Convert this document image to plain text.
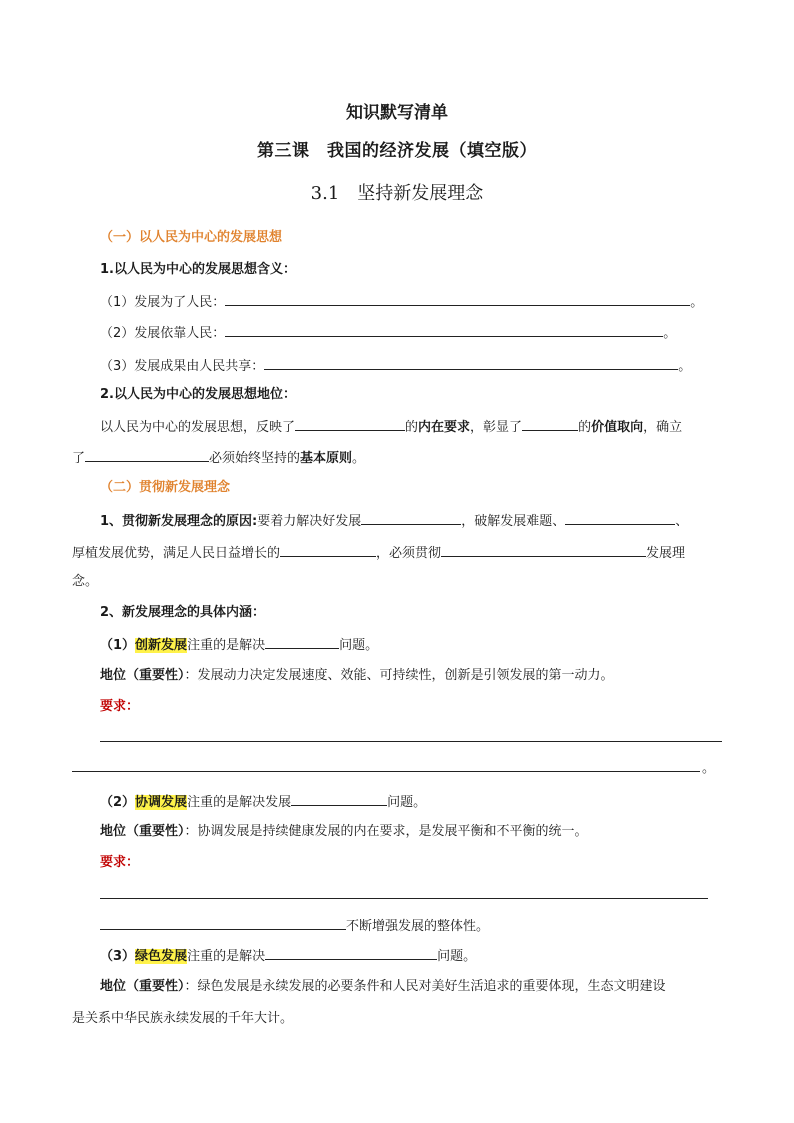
知识默写清单
第三课　我国的经济发展（填空版）
3.1　坚持新发展理念
（一）以人民为中心的发展思想
1.以人民为中心的发展思想含义：
（1）发展为了人民：	。
（2）发展依靠人民：	。
（3）发展成果由人民共享：	。
2.以人民为中心的发展思想地位：
以人民为中心的发展思想，反映了	的内在要求，彰显了	的价值取向，确立
了	必须始终坚持的基本原则。
（二）贯彻新发展理念
1、贯彻新发展理念的原因:要着力解决好发展	，破解发展难题、	、
厚植发展优势，满足人民日益增长的	，必须贯彻	发展理
念。
2、新发展理念的具体内涵：
（1）创新发展注重的是解决	问题。
地位（重要性）：发展动力决定发展速度、效能、可持续性，创新是引领发展的第一动力。
要求：
。
（2）协调发展注重的是解决发展	问题。
地位（重要性）：协调发展是持续健康发展的内在要求，是发展平衡和不平衡的统一。
要求：
不断增强发展的整体性。
（3）绿色发展注重的是解决	问题。
地位（重要性）：绿色发展是永续发展的必要条件和人民对美好生活追求的重要体现，生态文明建设
是关系中华民族永续发展的千年大计。
